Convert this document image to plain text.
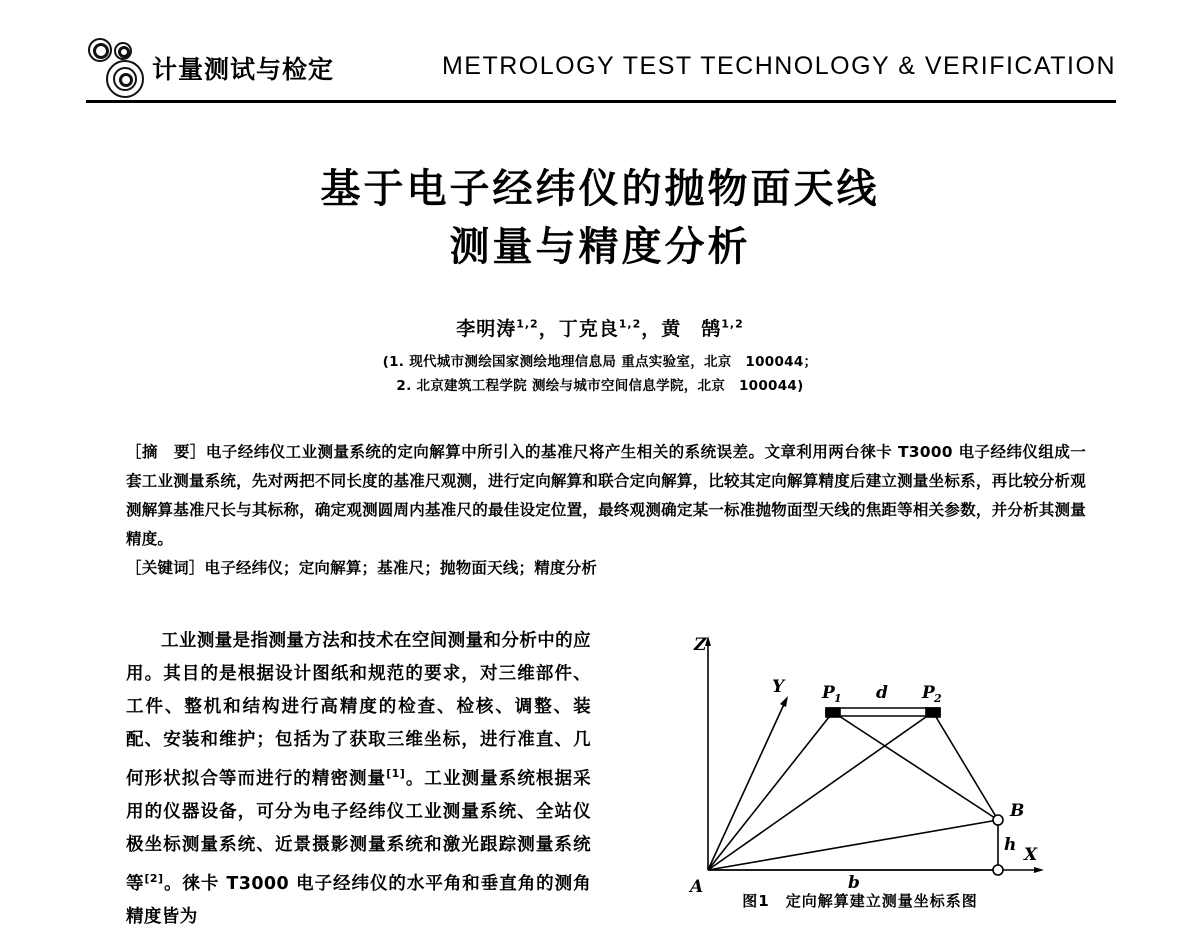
计量测试与检定	METROLOGY TEST TECHNOLOGY & VERIFICATION
基于电子经纬仪的抛物面天线
测量与精度分析
李明涛$^{1,2}$，丁克良$^{1,2}$，黄　鹄$^{1,2}$
(1. 现代城市测绘国家测绘地理信息局 重点实验室，北京　100044；
2. 北京建筑工程学院 测绘与城市空间信息学院，北京　100044)

［摘　要］电子经纬仪工业测量系统的定向解算中所引入的基准尺将产生相关的系统误差。文章利用两台徕卡 T3000 电子经纬仪组成一套工业测量系统，先对两把不同长度的基准尺观测，进行定向解算和联合定向解算，比较其定向解算精度后建立测量坐标系，再比较分析观测解算基准尺长与其标称，确定观测圆周内基准尺的最佳设定位置，最终观测确定某一标准抛物面型天线的焦距等相关参数，并分析其测量精度。

［关键词］电子经纬仪；定向解算；基准尺；抛物面天线；精度分析

工业测量是指测量方法和技术在空间测量和分析中的应用。其目的是根据设计图纸和规范的要求，对三维部件、工件、整机和结构进行高精度的检查、检核、调整、装配、安装和维护；包括为了获取三维坐标，进行准直、几何形状拟合等而进行的精密测量[1]。工业测量系统根据采用的仪器设备，可分为电子经纬仪工业测量系统、全站仪极坐标测量系统、近景摄影测量系统和激光跟踪测量系统等[2]。徕卡 T3000 电子经纬仪的水平角和垂直角的测角精度皆为

Z
Y
X
A
B
P 1	P 2
d
b
h
图1　定向解算建立测量坐标系图
